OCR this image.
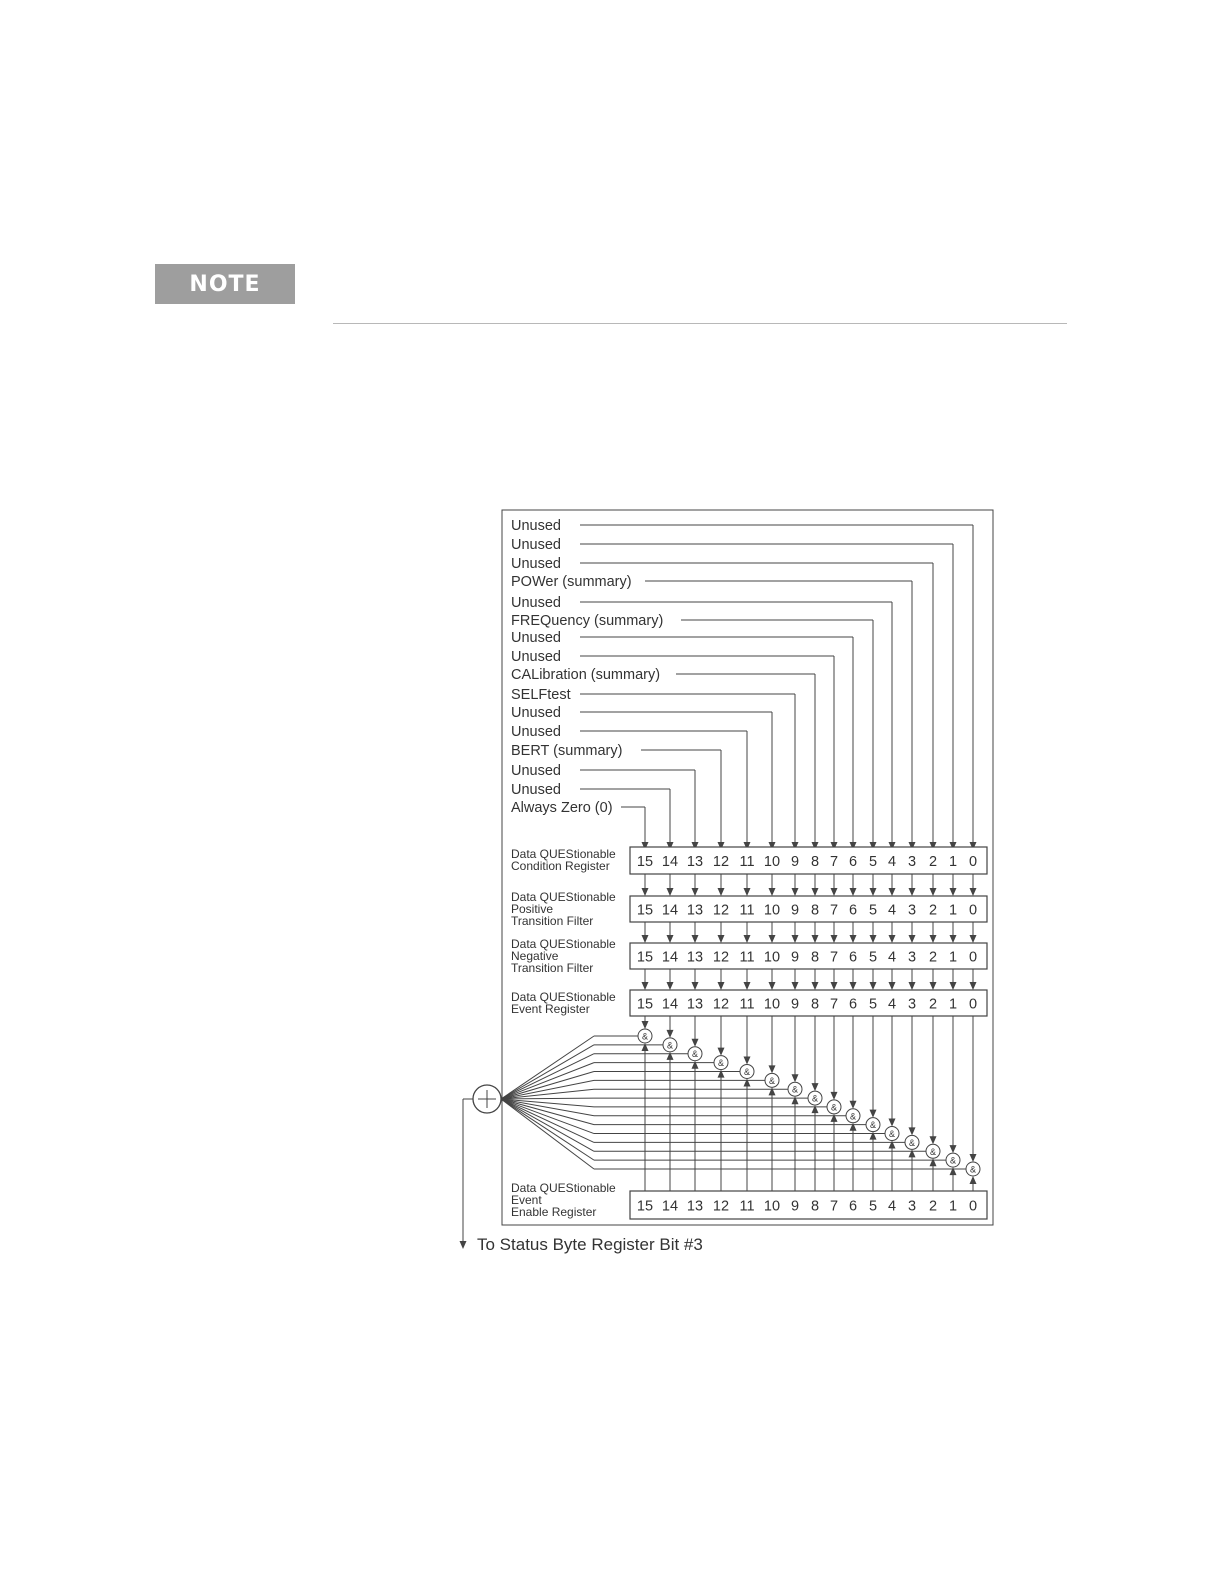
NOTE
Unused
Unused
Unused
POWer (summary)
Unused
FREQuency (summary)
Unused
Unused
CALibration (summary)
SELFtest
Unused
Unused
BERT (summary)
Unused
Unused
Always Zero (0)
Data QUEStionable
Condition Register 15 14 13 12 11 10 9 8 7 6 5 4 3 2 1 0
Data QUEStionable
Positive
Transition Filter
15 14 13 12 11 10 9 8 7 6 5 4 3 2 1 0
Data QUEStionable
Negative
Transition Filter
15 14 13 12 11 10 9 8 7 6 5 4 3 2 1 0
Data QUEStionable
Event Register	15 14 13 12 11 10 9 8 7 6 5 4 3 2 1 0
Data QUEStionable
Event
Enable Register	15 14 13 12 11 10 9 8 7 6 5 4 3 2 1 0
&
&
&
&
&
&
&
&
&
&
&
&
&
&
&
&
To Status Byte Register Bit #3
